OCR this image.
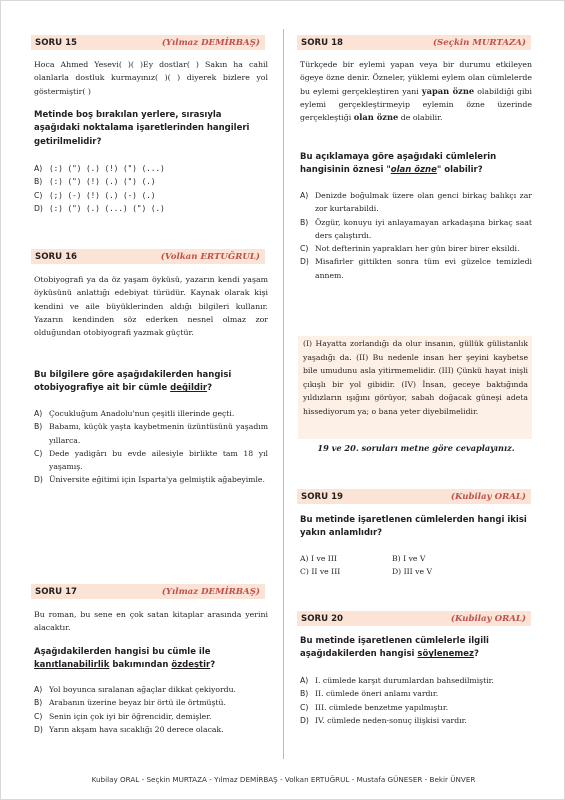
SORU 15	(Yılmaz DEMİRBAŞ)
Hoca Ahmed Yesevi( )( )Ey dostlar( ) Sakın ha cahil olanlarla dostluk kurmayınız( )( ) diyerek bizlere yol göstermiştir( )
Metinde boş bırakılan yerlere, sırasıyla aşağıdaki noktalama işaretlerinden hangileri getirilmelidir?
A) (:) (") (.) (!) (") (...)
B) (:) (") (!) (.) (") (.)
C) (;) (-) (!) (.) (-) (.)
D) (:) (") (.) (...) (") (.)
SORU 16	(Volkan ERTUĞRUL)
Otobiyografi ya da öz yaşam öyküsü, yazarın kendi yaşam öyküsünü anlattığı edebiyat türüdür. Kaynak olarak kişi kendini ve aile büyüklerinden aldığı bilgileri kullanır. Yazarın kendinden söz ederken nesnel olmaz zor olduğundan otobiyografi yazmak güçtür.
Bu bilgilere göre aşağıdakilerden hangisi otobiyografiye ait bir cümle değildir?
A) Çocukluğum Anadolu'nun çeşitli illerinde geçti.
B) Babamı, küçük yaşta kaybetmenin üzüntüsünü yaşadım yıllarca.
C) Dede yadigârı bu evde ailesiyle birlikte tam 18 yıl yaşamış.
D) Üniversite eğitimi için Isparta'ya gelmiştik ağabeyimle.
SORU 17	(Yılmaz DEMİRBAŞ)
Bu roman, bu sene en çok satan kitaplar arasında yerini alacaktır.
Aşağıdakilerden hangisi bu cümle ile kanıtlanabilirlik bakımından özdeştir?
A) Yol boyunca sıralanan ağaçlar dikkat çekiyordu.
B) Arabanın üzerine beyaz bir örtü ile örtmüştü.
C) Senin için çok iyi bir öğrencidir, demişler.
D) Yarın akşam hava sıcaklığı 20 derece olacak.
SORU 18	(Seçkin MURTAZA)
Türkçede bir eylemi yapan veya bir durumu etkileyen ögeye özne denir. Özneler, yüklemi eylem olan cümlelerde bu eylemi gerçekleştiren yani yapan özne olabildiği gibi eylemi gerçekleştirmeyip eylemin özne üzerinde gerçekleştiği olan özne de olabilir.
Bu açıklamaya göre aşağıdaki cümlelerin hangisinin öznesi "olan özne" olabilir?
A) Denizde boğulmak üzere olan genci birkaç balıkçı zar zor kurtarabildi.
B) Özgür, konuyu iyi anlayamayan arkadaşına birkaç saat ders çalıştırdı.
C) Not defterinin yaprakları her gün birer birer eksildi.
D) Misafirler gittikten sonra tüm evi güzelce temizledi annem.
(I) Hayatta zorlandığı da olur insanın, güllük gülistanlık yaşadığı da. (II) Bu nedenle insan her şeyini kaybetse bile umudunu asla yitirmemelidir. (III) Çünkü hayat inişli çıkışlı bir yol gibidir. (IV) İnsan, geceye baktığında yıldızların ışığını görüyor, sabah doğacak güneşi adeta hissediyorum ya; o bana yeter diyebilmelidir.
19 ve 20. soruları metne göre cevaplayınız.
SORU 19	(Kubilay ORAL)
Bu metinde işaretlenen cümlelerden hangi ikisi yakın anlamlıdır?
A) I ve III	B) I ve V
C) II ve III	D) III ve V
SORU 20	(Kubilay ORAL)
Bu metinde işaretlenen cümlelerle ilgili aşağıdakilerden hangisi söylenemez?
A) I. cümlede karşıt durumlardan bahsedilmiştir.
B) II. cümlede öneri anlamı vardır.
C) III. cümlede benzetme yapılmıştır.
D) IV. cümlede neden-sonuç ilişkisi vardır.
Kubilay ORAL - Seçkin MURTAZA - Yılmaz DEMİRBAŞ - Volkan ERTUĞRUL - Mustafa GÜNESER - Bekir ÜNVER
